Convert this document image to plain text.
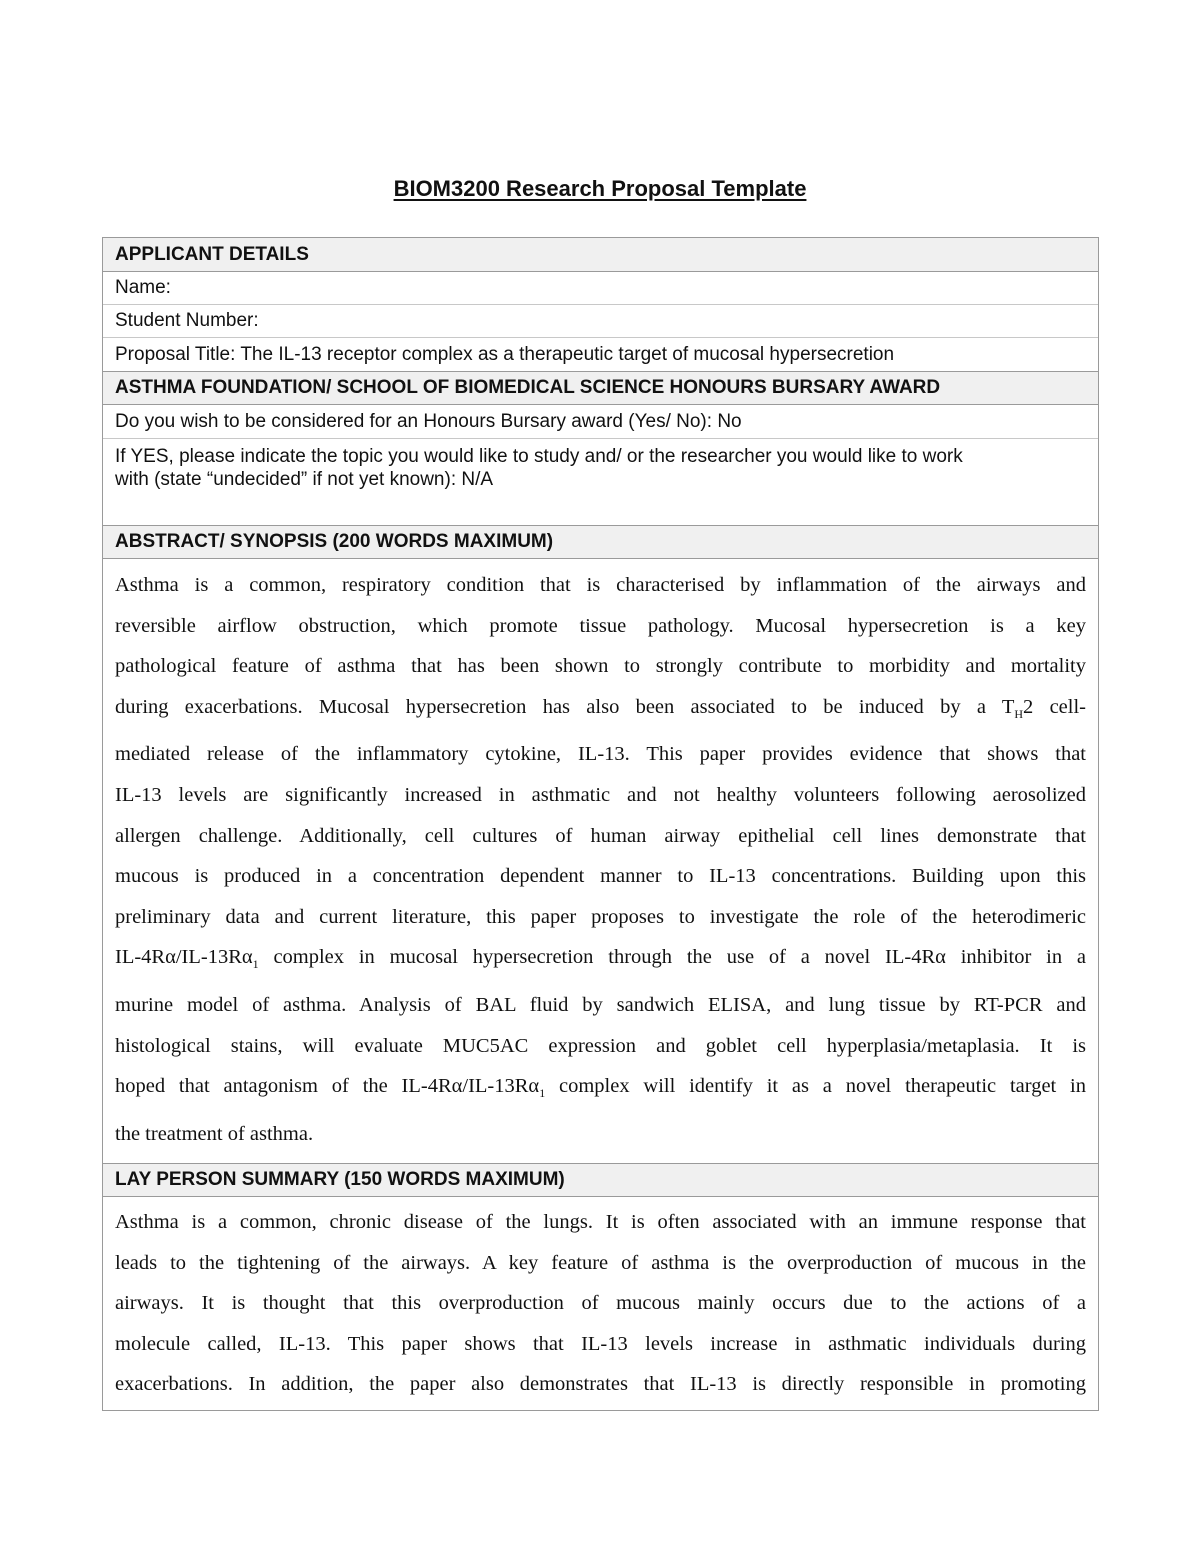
BIOM3200 Research Proposal Template
APPLICANT DETAILS
Name:
Student Number:
Proposal Title: The IL-13 receptor complex as a therapeutic target of mucosal hypersecretion
ASTHMA FOUNDATION/ SCHOOL OF BIOMEDICAL SCIENCE HONOURS BURSARY AWARD
Do you wish to be considered for an Honours Bursary award (Yes/ No): No
If YES, please indicate the topic you would like to study and/ or the researcher you would like to work
with (state “undecided” if not yet known): N/A
ABSTRACT/ SYNOPSIS (200 WORDS MAXIMUM)
Asthma is a common, respiratory condition that is characterised by inflammation of the airways and
reversible airflow obstruction, which promote tissue pathology. Mucosal hypersecretion is a key
pathological feature of asthma that has been shown to strongly contribute to morbidity and mortality
during exacerbations. Mucosal hypersecretion has also been associated to be induced by a $T_H2$ cell-
mediated release of the inflammatory cytokine, IL-13. This paper provides evidence that shows that
IL-13 levels are significantly increased in asthmatic and not healthy volunteers following aerosolized
allergen challenge. Additionally, cell cultures of human airway epithelial cell lines demonstrate that
mucous is produced in a concentration dependent manner to IL-13 concentrations. Building upon this
preliminary data and current literature, this paper proposes to investigate the role of the heterodimeric
$IL-4R\alpha/IL-13R\alpha_1$ complex in mucosal hypersecretion through the use of a novel IL-4Rα inhibitor in a
murine model of asthma. Analysis of BAL fluid by sandwich ELISA, and lung tissue by RT-PCR and
histological stains, will evaluate MUC5AC expression and goblet cell hyperplasia/metaplasia. It is
hoped that antagonism of the $IL-4R\alpha/IL-13R\alpha_1$ complex will identify it as a novel therapeutic target in
the treatment of asthma.
LAY PERSON SUMMARY (150 WORDS MAXIMUM)
Asthma is a common, chronic disease of the lungs. It is often associated with an immune response that
leads to the tightening of the airways. A key feature of asthma is the overproduction of mucous in the
airways. It is thought that this overproduction of mucous mainly occurs due to the actions of a
molecule called, IL-13. This paper shows that IL-13 levels increase in asthmatic individuals during
exacerbations. In addition, the paper also demonstrates that IL-13 is directly responsible in promoting
